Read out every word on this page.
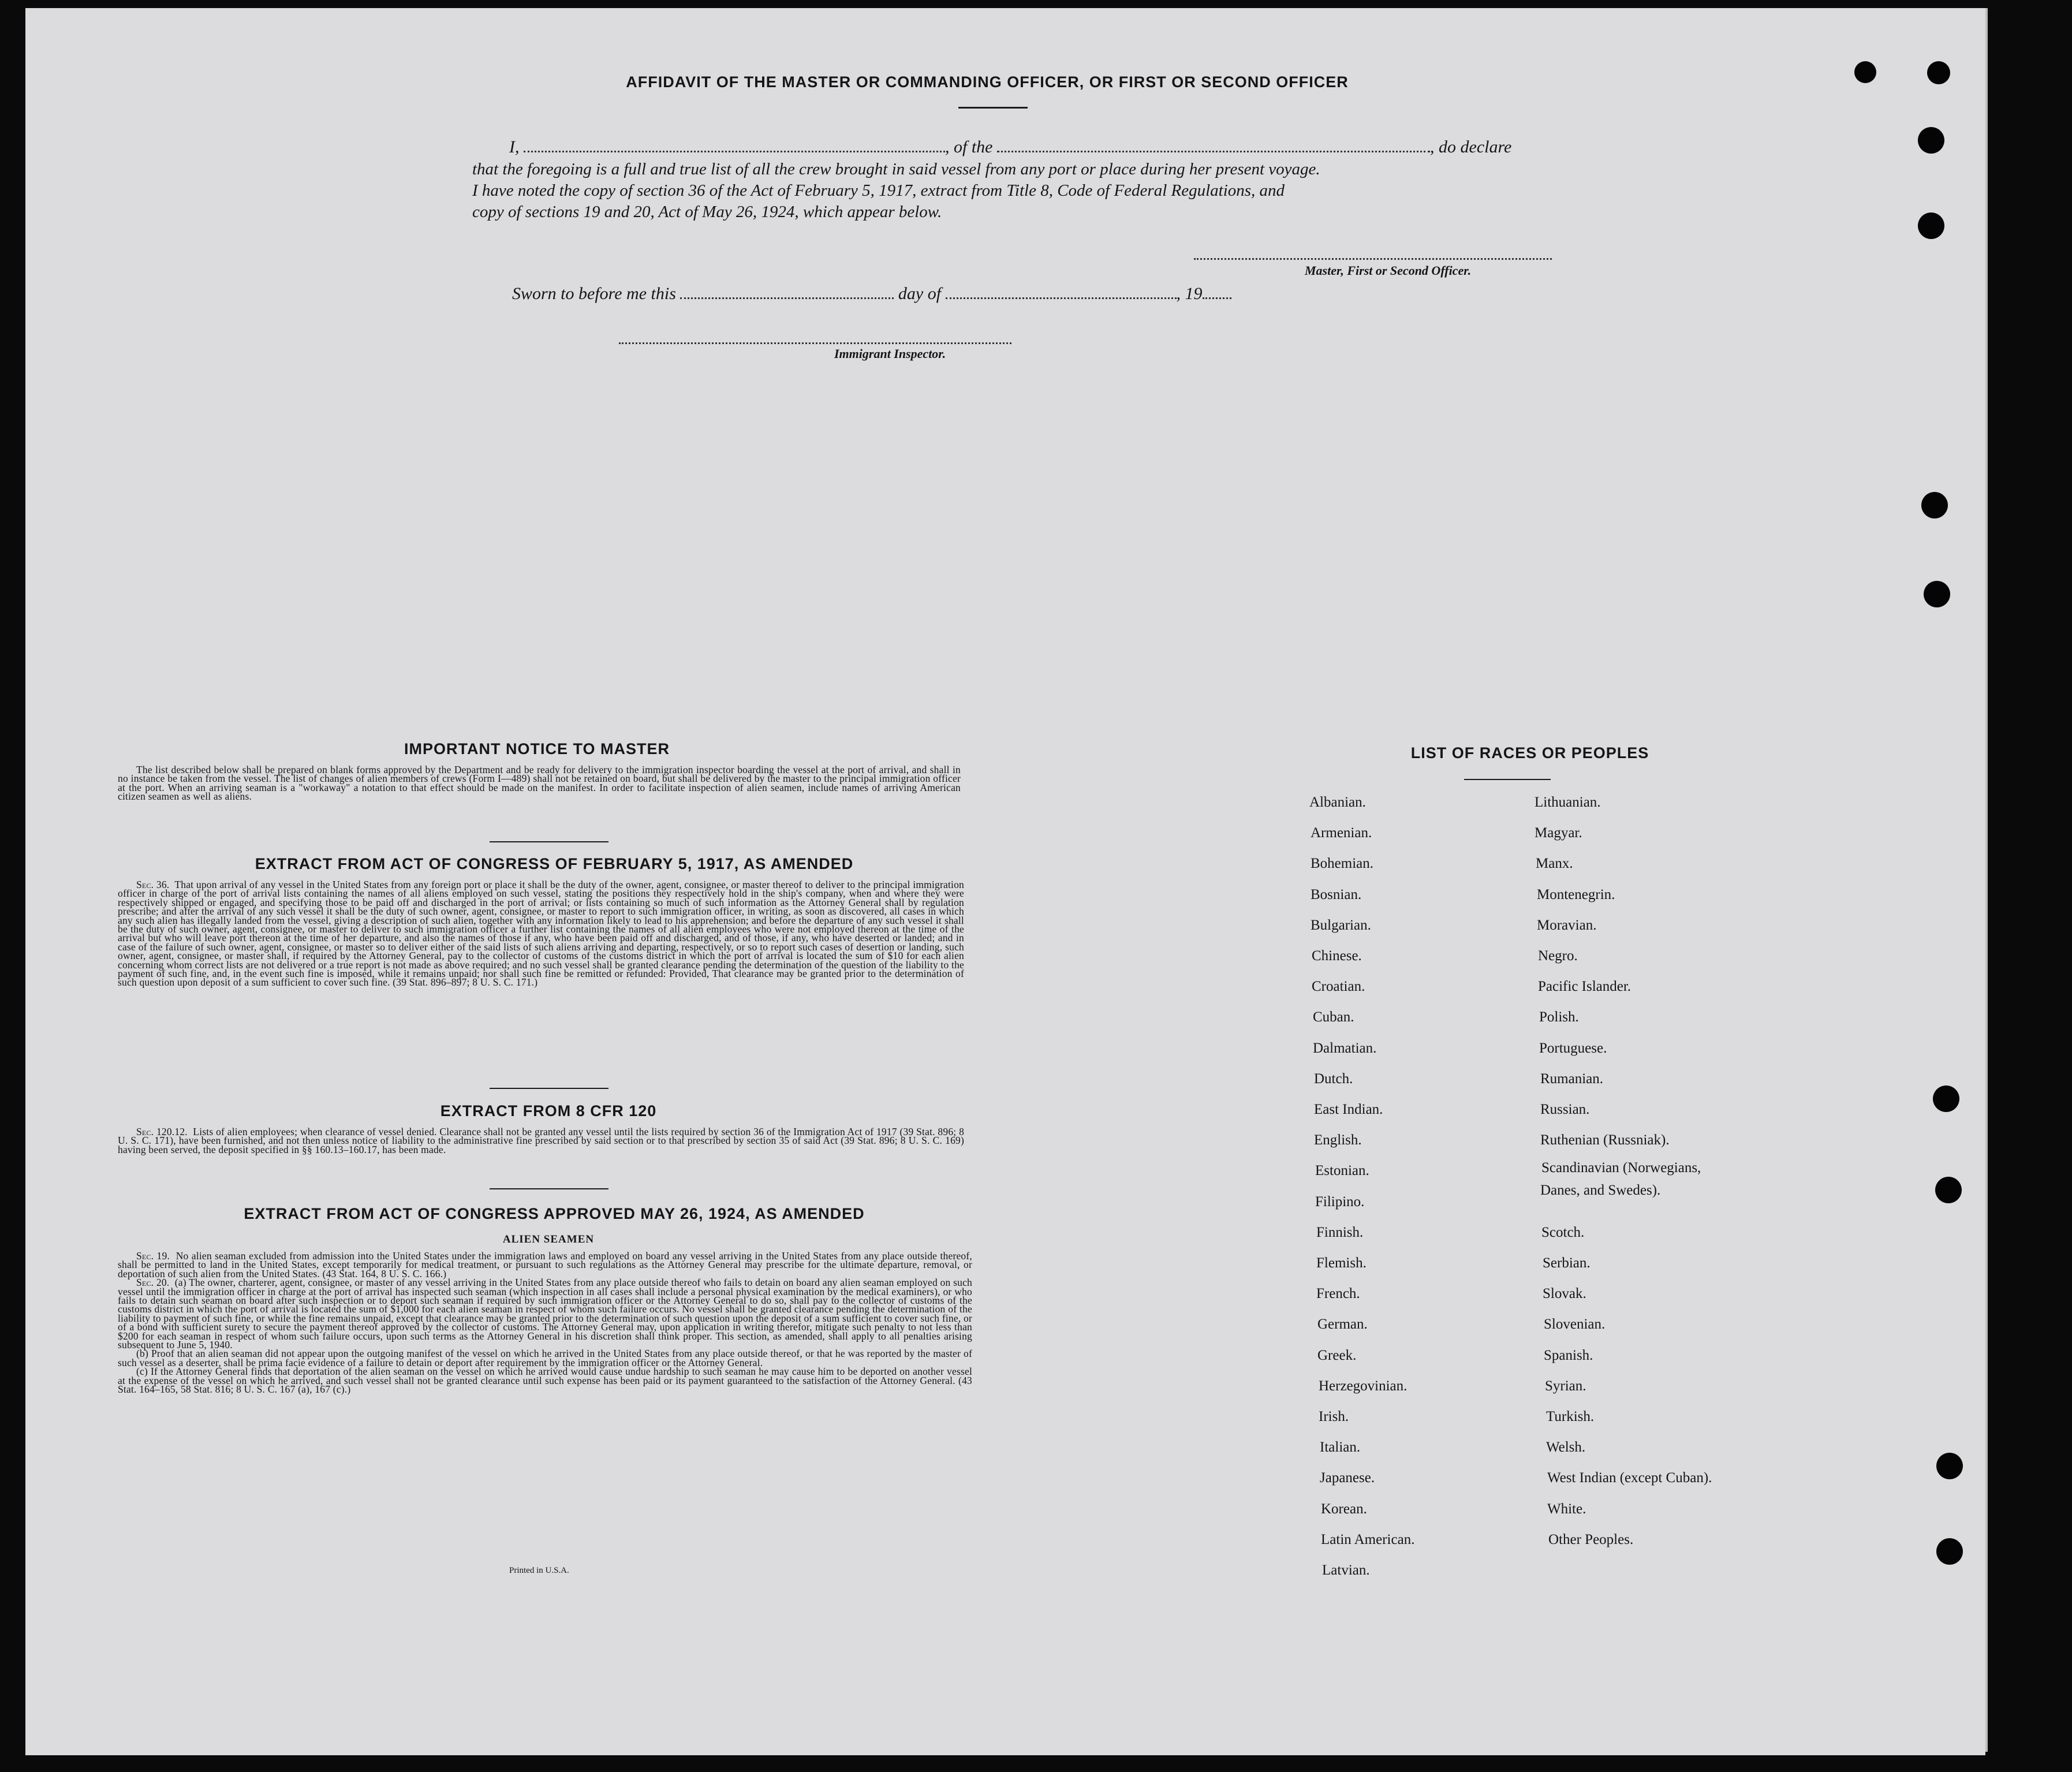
AFFIDAVIT OF THE MASTER OR COMMANDING OFFICER, OR FIRST OR SECOND OFFICER
I,	, of the	, do declare
that the foregoing is a full and true list of all the crew brought in said vessel from any port or place during her present voyage.
I have noted the copy of section 36 of the Act of February 5, 1917, extract from Title 8, Code of Federal Regulations, and
copy of sections 19 and 20, Act of May 26, 1924, which appear below.
Master, First or Second Officer.
Sworn to before me this	day of	, 19
Immigrant Inspector.
IMPORTANT NOTICE TO MASTER

The list described below shall be prepared on blank forms approved by the Department and be ready for delivery to the immigration inspector boarding the vessel at the port of arrival, and shall in no instance be taken from the vessel. The list of changes of alien members of crews (Form I—489) shall not be retained on board, but shall be delivered by the master to the principal immigration officer at the port. When an arriving seaman is a "workaway" a notation to that effect should be made on the manifest. In order to facilitate inspection of alien seamen, include names of arriving American citizen seamen as well as aliens.

EXTRACT FROM ACT OF CONGRESS OF FEBRUARY 5, 1917, AS AMENDED

Sec. 36. That upon arrival of any vessel in the United States from any foreign port or place it shall be the duty of the owner, agent, consignee, or master thereof to deliver to the principal immigration officer in charge of the port of arrival lists containing the names of all aliens employed on such vessel, stating the positions they respectively hold in the ship's company, when and where they were respectively shipped or engaged, and specifying those to be paid off and discharged in the port of arrival; or lists containing so much of such information as the Attorney General shall by regulation prescribe; and after the arrival of any such vessel it shall be the duty of such owner, agent, consignee, or master to report to such immigration officer, in writing, as soon as discovered, all cases in which any such alien has illegally landed from the vessel, giving a description of such alien, together with any information likely to lead to his apprehension; and before the departure of any such vessel it shall be the duty of such owner, agent, consignee, or master to deliver to such immigration officer a further list containing the names of all alien employees who were not employed thereon at the time of the arrival but who will leave port thereon at the time of her departure, and also the names of those if any, who have been paid off and discharged, and of those, if any, who have deserted or landed; and in case of the failure of such owner, agent, consignee, or master so to deliver either of the said lists of such aliens arriving and departing, respectively, or so to report such cases of desertion or landing, such owner, agent, consignee, or master shall, if required by the Attorney General, pay to the collector of customs of the customs district in which the port of arrival is located the sum of $10 for each alien concerning whom correct lists are not delivered or a true report is not made as above required; and no such vessel shall be granted clearance pending the determination of the question of the liability to the payment of such fine, and, in the event such fine is imposed, while it remains unpaid; nor shall such fine be remitted or refunded: Provided, That clearance may be granted prior to the determination of such question upon deposit of a sum sufficient to cover such fine. (39 Stat. 896–897; 8 U. S. C. 171.)

EXTRACT FROM 8 CFR 120

Sec. 120.12. Lists of alien employees; when clearance of vessel denied. Clearance shall not be granted any vessel until the lists required by section 36 of the Immigration Act of 1917 (39 Stat. 896; 8 U. S. C. 171), have been furnished, and not then unless notice of liability to the administrative fine prescribed by said section or to that prescribed by section 35 of said Act (39 Stat. 896; 8 U. S. C. 169) having been served, the deposit specified in §§ 160.13–160.17, has been made.

EXTRACT FROM ACT OF CONGRESS APPROVED MAY 26, 1924, AS AMENDED
ALIEN SEAMEN

Sec. 19. No alien seaman excluded from admission into the United States under the immigration laws and employed on board any vessel arriving in the United States from any place outside thereof, shall be permitted to land in the United States, except temporarily for medical treatment, or pursuant to such regulations as the Attorney General may prescribe for the ultimate departure, removal, or deportation of such alien from the United States. (43 Stat. 164, 8 U. S. C. 166.)

Sec. 20. (a) The owner, charterer, agent, consignee, or master of any vessel arriving in the United States from any place outside thereof who fails to detain on board any alien seaman employed on such vessel until the immigration officer in charge at the port of arrival has inspected such seaman (which inspection in all cases shall include a personal physical examination by the medical examiners), or who fails to detain such seaman on board after such inspection or to deport such seaman if required by such immigration officer or the Attorney General to do so, shall pay to the collector of customs of the customs district in which the port of arrival is located the sum of $1,000 for each alien seaman in respect of whom such failure occurs. No vessel shall be granted clearance pending the determination of the liability to payment of such fine, or while the fine remains unpaid, except that clearance may be granted prior to the determination of such question upon the deposit of a sum sufficient to cover such fine, or of a bond with sufficient surety to secure the payment thereof approved by the collector of customs. The Attorney General may, upon application in writing therefor, mitigate such penalty to not less than $200 for each seaman in respect of whom such failure occurs, upon such terms as the Attorney General in his discretion shall think proper. This section, as amended, shall apply to all penalties arising subsequent to June 5, 1940.

(b) Proof that an alien seaman did not appear upon the outgoing manifest of the vessel on which he arrived in the United States from any place outside thereof, or that he was reported by the master of such vessel as a deserter, shall be prima facie evidence of a failure to detain or deport after requirement by the immigration officer or the Attorney General.

(c) If the Attorney General finds that deportation of the alien seaman on the vessel on which he arrived would cause undue hardship to such seaman he may cause him to be deported on another vessel at the expense of the vessel on which he arrived, and such vessel shall not be granted clearance until such expense has been paid or its payment guaranteed to the satisfaction of the Attorney General. (43 Stat. 164–165, 58 Stat. 816; 8 U. S. C. 167 (a), 167 (c).)

Printed in U.S.A.
LIST OF RACES OR PEOPLES
Albanian.
Armenian.
Bohemian.
Bosnian.
Bulgarian.
Chinese.
Croatian.
Cuban.
Dalmatian.
Dutch.
East Indian.
English.
Estonian.
Filipino.
Finnish.
Flemish.
French.
German.
Greek.
Herzegovinian.
Irish.
Italian.
Japanese.
Korean.
Latin American.
Latvian.
Lithuanian.
Magyar.
Manx.
Montenegrin.
Moravian.
Negro.
Pacific Islander.
Polish.
Portuguese.
Rumanian.
Russian.
Ruthenian (Russniak).
Scandinavian (Norwegians,
Scotch.
Serbian.
Slovak.
Slovenian.
Spanish.
Syrian.
Turkish.
Welsh.
West Indian (except Cuban).
White.
Other Peoples.
Danes, and Swedes).
